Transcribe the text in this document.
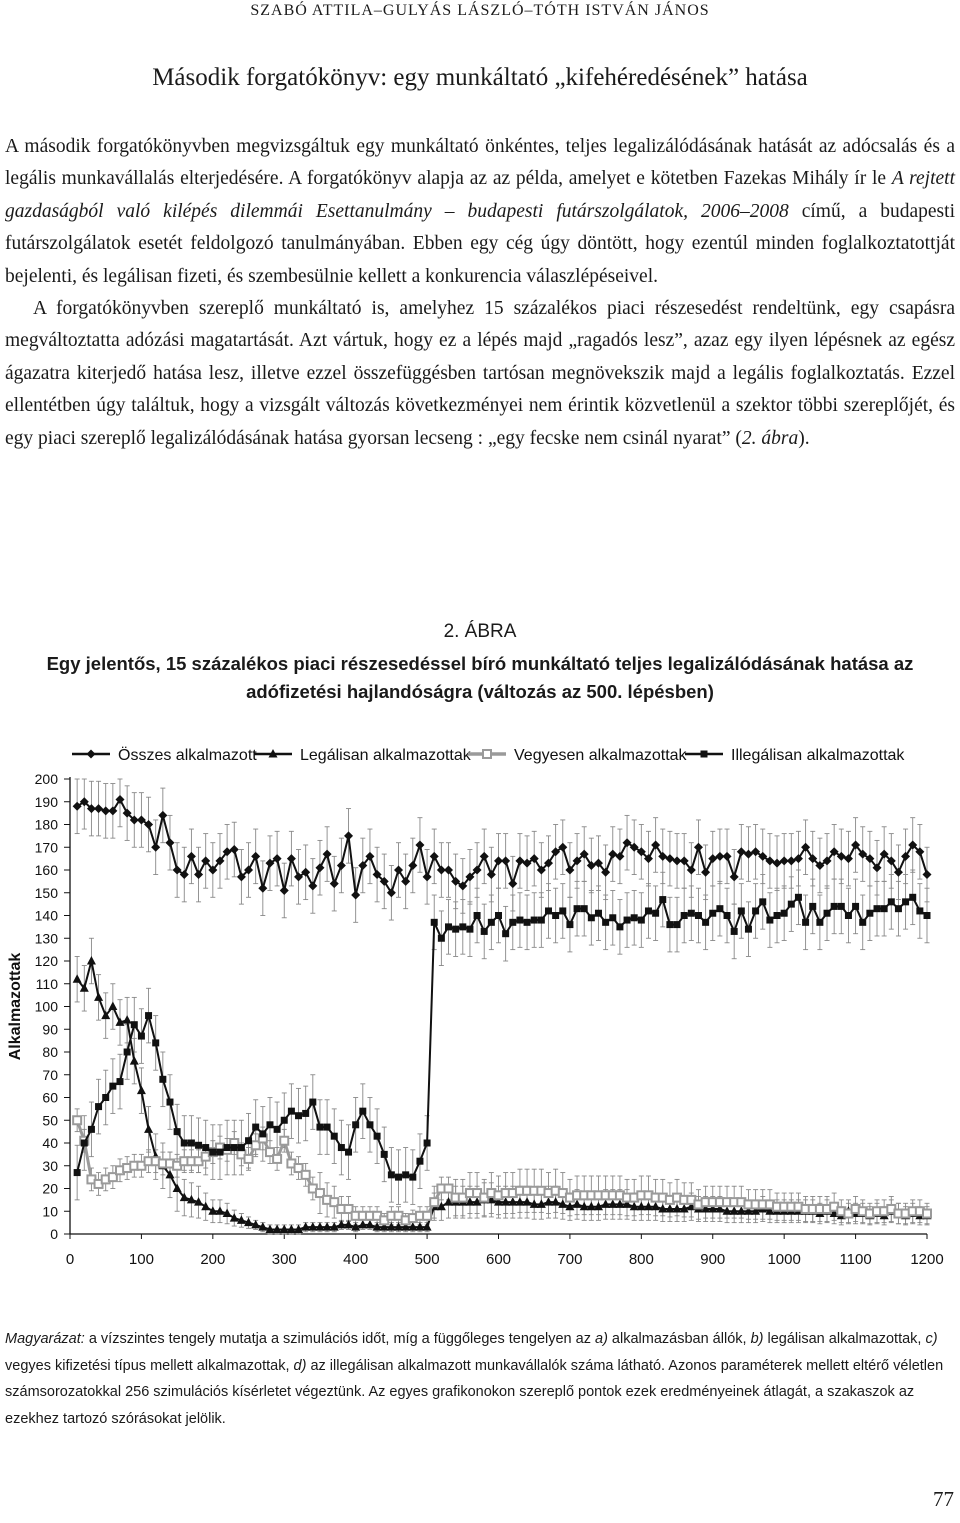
SZABÓ ATTILA–GULYÁS LÁSZLÓ–TÓTH ISTVÁN JÁNOS
Második forgatókönyv: egy munkáltató „kifehéredésének” hatása

A második forgatókönyvben megvizsgáltuk egy munkáltató önkéntes, teljes legalizálódásának hatását az adócsalás és a legális munkavállalás elterjedésére. A forgatókönyv alapja az az példa, amelyet e kötetben Fazekas Mihály ír le A rejtett gazdaságból való kilépés dilemmái Esettanulmány – budapesti futárszolgálatok, 2006–2008 című, a budapesti futárszolgálatok esetét feldolgozó tanulmányában. Ebben egy cég úgy döntött, hogy ezentúl minden foglalkoztatottját bejelenti, és legálisan fizeti, és szembesülnie kellett a konkurencia válaszlépéseivel.

A forgatókönyvben szereplő munkáltató is, amelyhez 15 százalékos piaci részesedést rendeltünk, egy csapásra megváltoztatta adózási magatartását. Azt vártuk, hogy ez a lépés majd „ragadós lesz”, azaz egy ilyen lépésnek az egész ágazatra kiterjedő hatása lesz, illetve ezzel összefüggésben tartósan megnövekszik majd a legális foglalkoztatás. Ezzel ellentétben úgy találtuk, hogy a vizsgált változás következményei nem érintik közvetlenül a szektor többi szereplőjét, és egy piaci szereplő legalizálódásának hatása gyorsan lecseng : „egy fecske nem csinál nyarat” (2. ábra).

2. ÁBRA
Egy jelentős, 15 százalékos piaci részesedéssel bíró munkáltató teljes legalizálódásának hatása az adófizetési hajlandóságra (változás az 500. lépésben)
0
10
20
30
40
50
60
70
80
90
100
110
120
130
140
150
160
170
180
190
200
0	100	200	300	400	500	600	700	800	900	1000	1100	1200
Alkalmazottak
Összes alkalmazott	Legálisan alkalmazottak	Vegyesen alkalmazottak	Illegálisan alkalmazottak
Magyarázat: a vízszintes tengely mutatja a szimulációs időt, míg a függőleges tengelyen az a) alkalmazásban állók, b) legálisan alkalmazottak, c) vegyes kifizetési típus mellett alkalmazottak, d) az illegálisan alkalmazott munkavállalók száma látható. Azonos paraméterek mellett eltérő véletlen számsorozatokkal 256 szimulációs kísérletet végeztünk. Az egyes grafikonokon szereplő pontok ezek eredményeinek átlagát, a szakaszok az ezekhez tartozó szórásokat jelölik.
77
